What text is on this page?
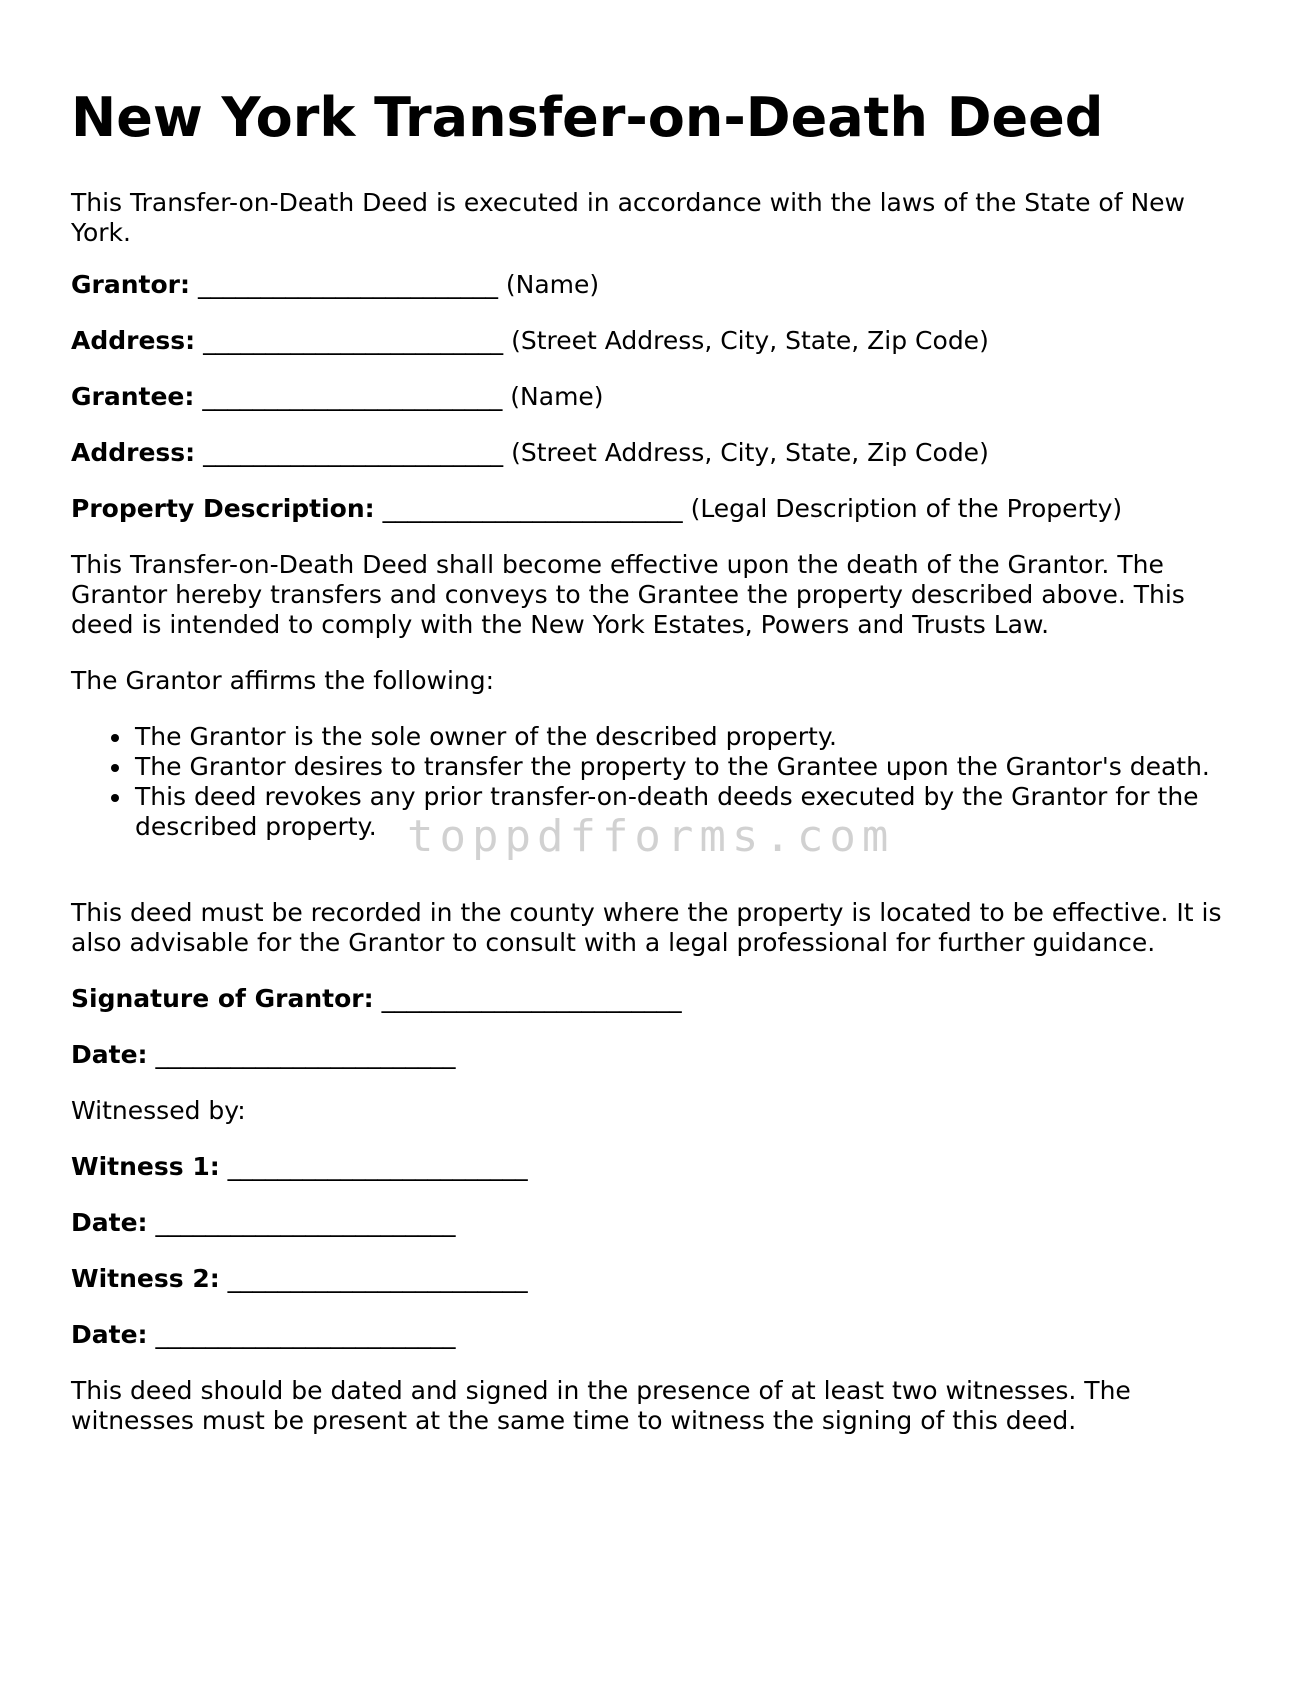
New York Transfer-on-Death Deed

This Transfer-on-Death Deed is executed in accordance with the laws of the State of New York.

Grantor: ________________________ (Name)

Address: ________________________ (Street Address, City, State, Zip Code)

Grantee: ________________________ (Name)

Address: ________________________ (Street Address, City, State, Zip Code)

Property Description: ________________________ (Legal Description of the Property)

This Transfer-on-Death Deed shall become effective upon the death of the Grantor. The Grantor hereby transfers and conveys to the Grantee the property described above. This deed is intended to comply with the New York Estates, Powers and Trusts Law.

The Grantor affirms the following:

The Grantor is the sole owner of the described property.
The Grantor desires to transfer the property to the Grantee upon the Grantor's death.
This deed revokes any prior transfer-on-death deeds executed by the Grantor for the described property.

This deed must be recorded in the county where the property is located to be effective. It is also advisable for the Grantor to consult with a legal professional for further guidance.

Signature of Grantor: ________________________

Date: ________________________

Witnessed by:

Witness 1: ________________________

Date: ________________________

Witness 2: ________________________

Date: ________________________

This deed should be dated and signed in the presence of at least two witnesses. The witnesses must be present at the same time to witness the signing of this deed.

toppdfforms.com
